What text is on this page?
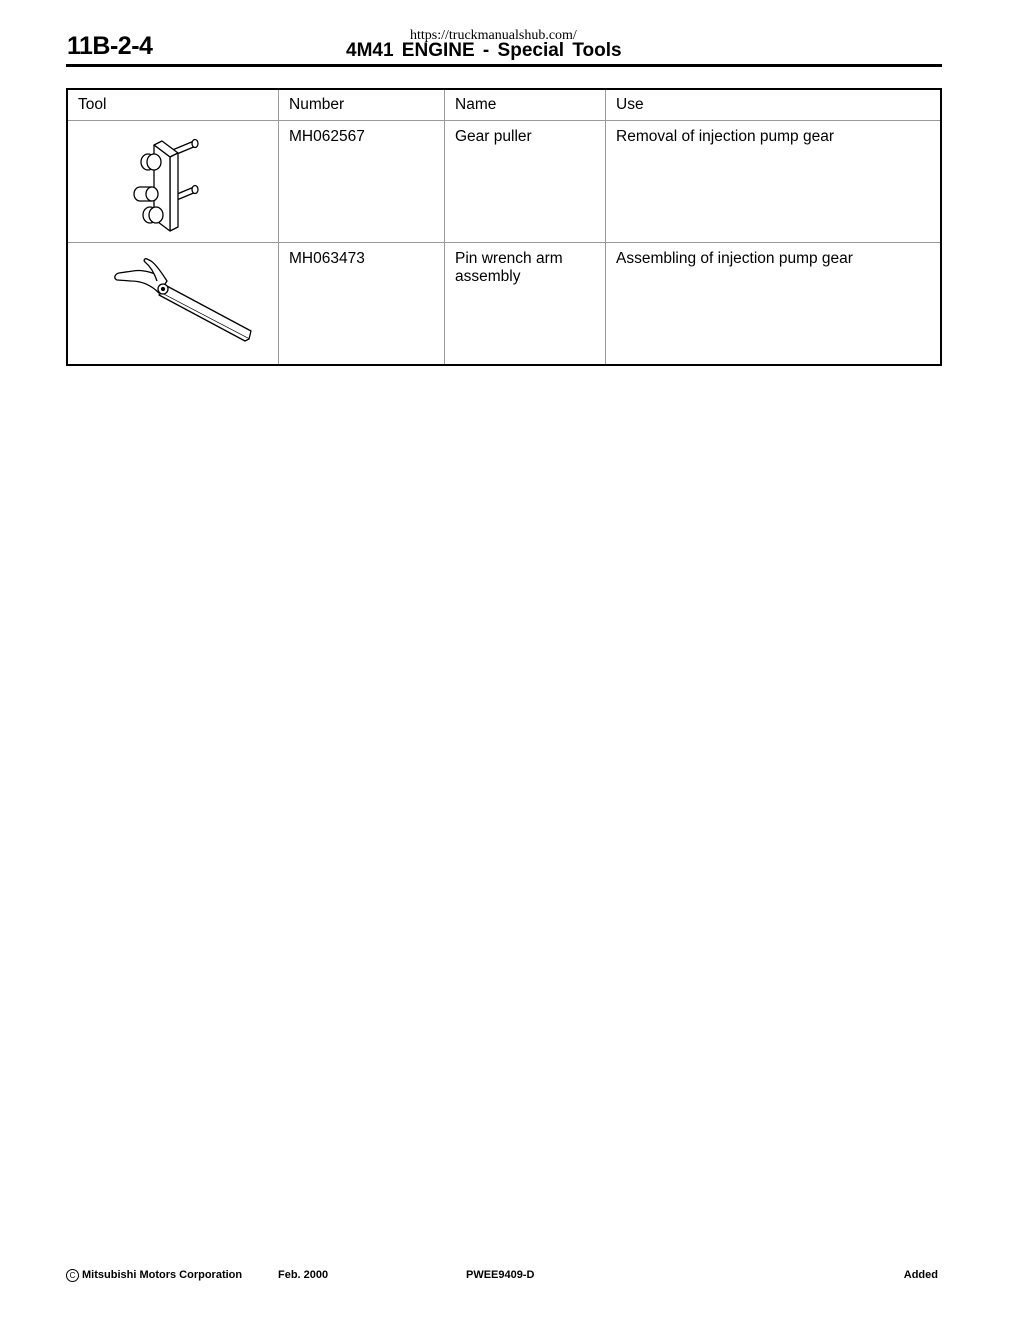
11B-2-4	4M41 ENGINE - Special Tools
https://truckmanualshub.com/
Tool	Number	Name	Use
	MH062567	Gear puller	Removal of injection pump gear
	MH063473	Pin wrench arm assembly	Assembling of injection pump gear
C Mitsubishi Motors Corporation	Feb. 2000	PWEE9409-D	Added
